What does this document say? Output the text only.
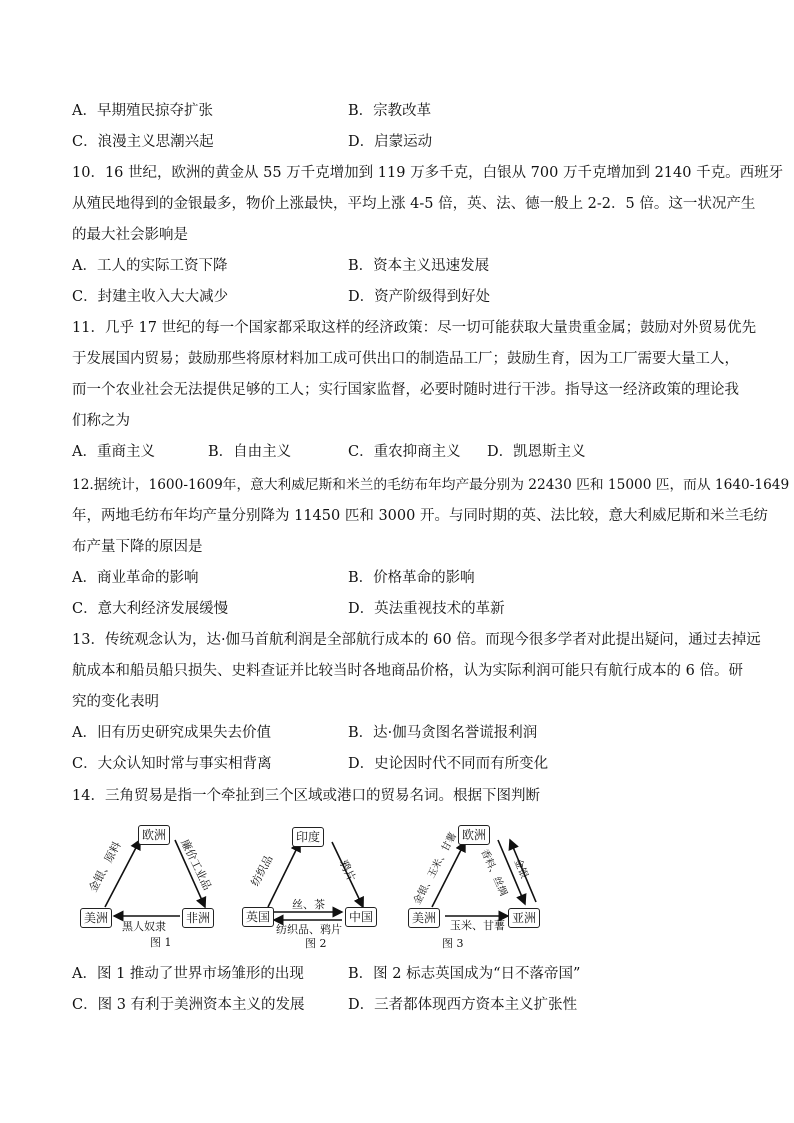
A．早期殖民掠夺扩张	B．宗教改革
C．浪漫主义思潮兴起	D．启蒙运动
10．16 世纪，欧洲的黄金从 55 万千克增加到 119 万多千克，白银从 700 万千克增加到 2140 千克。西班牙
从殖民地得到的金银最多，物价上涨最快，平均上涨 4-5 倍，英、法、德一般上 2-2．5 倍。这一状况产生
的最大社会影响是
A．工人的实际工资下降	B．资本主义迅速发展
C．封建主收入大大减少	D．资产阶级得到好处
11．几乎 17 世纪的每一个国家都采取这样的经济政策：尽一切可能获取大量贵重金属；鼓励对外贸易优先
于发展国内贸易；鼓励那些将原材料加工成可供出口的制造品工厂；鼓励生育，因为工厂需要大量工人，
而一个农业社会无法提供足够的工人；实行国家监督，必要时随时进行干涉。指导这一经济政策的理论我
们称之为
A．重商主义	B．自由主义	C．重农抑商主义 D．凯恩斯主义
12.据统计，1600-1609年，意大利威尼斯和米兰的毛纺布年均产最分别为 22430 匹和 15000 匹，而从 1640-1649
年，两地毛纺布年均产量分别降为 11450 匹和 3000 开。与同时期的英、法比较，意大利威尼斯和米兰毛纺
布产量下降的原因是
A．商业革命的影响	B．价格革命的影响
C．意大利经济发展缓慢	D．英法重视技术的革新
13．传统观念认为，达·伽马首航利润是全部航行成本的 60 倍。而现今很多学者对此提出疑问，通过去掉远
航成本和船员船只损失、史料查证并比较当时各地商品价格，认为实际利润可能只有航行成本的 6 倍。研
究的变化表明
A．旧有历史研究成果失去价值	B．达·伽马贪图名誉谎报利润
C．大众认知时常与事实相背离	D．史论因时代不同而有所变化
14．三角贸易是指一个牵扯到三个区域或港口的贸易名词。根据下图判断
欧洲
美洲	非洲
金银、原料	廉价工业品
黑人奴隶
图 1
印度
英国	中国
纺织品	鸦片
丝、茶
纺织品、鸦片
图 2
欧洲
美洲	亚洲
金银、玉米、甘薯 香料、丝绸 金银
玉米、甘薯
图 3
A．图 1 推动了世界市场雏形的出现	B．图 2 标志英国成为“日不落帝国”
C．图 3 有利于美洲资本主义的发展	D．三者都体现西方资本主义扩张性
